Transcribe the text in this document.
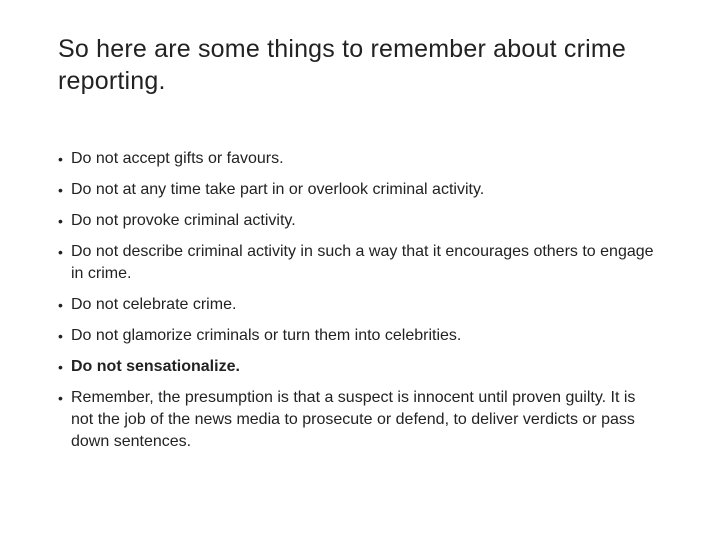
So here are some things to remember about crime reporting.
• Do not accept gifts or favours.
• Do not at any time take part in or overlook criminal activity.
• Do not provoke criminal activity.
• Do not describe criminal activity in such a way that it encourages others to engage in crime.
• Do not celebrate crime.
• Do not glamorize criminals or turn them into celebrities.
• Do not sensationalize.
• Remember, the presumption is that a suspect is innocent until proven guilty. It is not the job of the news media to prosecute or defend, to deliver verdicts or pass down sentences.
